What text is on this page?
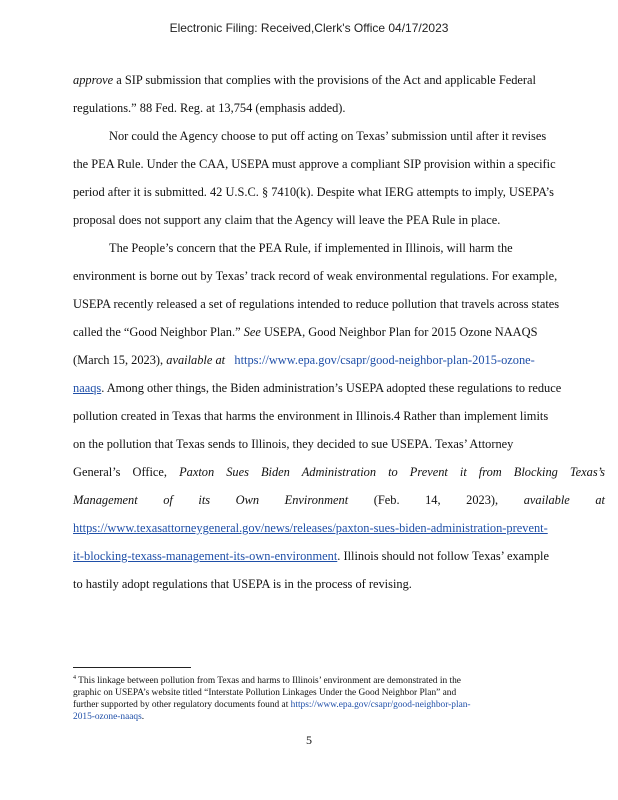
Electronic Filing: Received,Clerk's Office 04/17/2023
approve a SIP submission that complies with the provisions of the Act and applicable Federal
regulations.” 88 Fed. Reg. at 13,754 (emphasis added).
Nor could the Agency choose to put off acting on Texas’ submission until after it revises
the PEA Rule. Under the CAA, USEPA must approve a compliant SIP provision within a specific
period after it is submitted. 42 U.S.C. § 7410(k). Despite what IERG attempts to imply, USEPA’s
proposal does not support any claim that the Agency will leave the PEA Rule in place.
The People’s concern that the PEA Rule, if implemented in Illinois, will harm the
environment is borne out by Texas’ track record of weak environmental regulations. For example,
USEPA recently released a set of regulations intended to reduce pollution that travels across states
called the “Good Neighbor Plan.” See USEPA, Good Neighbor Plan for 2015 Ozone NAAQS
(March 15, 2023), available at https://www.epa.gov/csapr/good-neighbor-plan-2015-ozone-
naaqs. Among other things, the Biden administration’s USEPA adopted these regulations to reduce
pollution created in Texas that harms the environment in Illinois.4 Rather than implement limits
on the pollution that Texas sends to Illinois, they decided to sue USEPA. Texas’ Attorney
General’s Office, Paxton Sues Biden Administration to Prevent it from Blocking Texas’s
Management of its Own Environment (Feb. 14, 2023), available at
https://www.texasattorneygeneral.gov/news/releases/paxton-sues-biden-administration-prevent-
it-blocking-texass-management-its-own-environment. Illinois should not follow Texas’ example
to hastily adopt regulations that USEPA is in the process of revising.

$^4$ This linkage between pollution from Texas and harms to Illinois’ environment are demonstrated in the

graphic on USEPA’s website titled “Interstate Pollution Linkages Under the Good Neighbor Plan” and

further supported by other regulatory documents found at https://www.epa.gov/csapr/good-neighbor-plan-

2015-ozone-naaqs.

5
